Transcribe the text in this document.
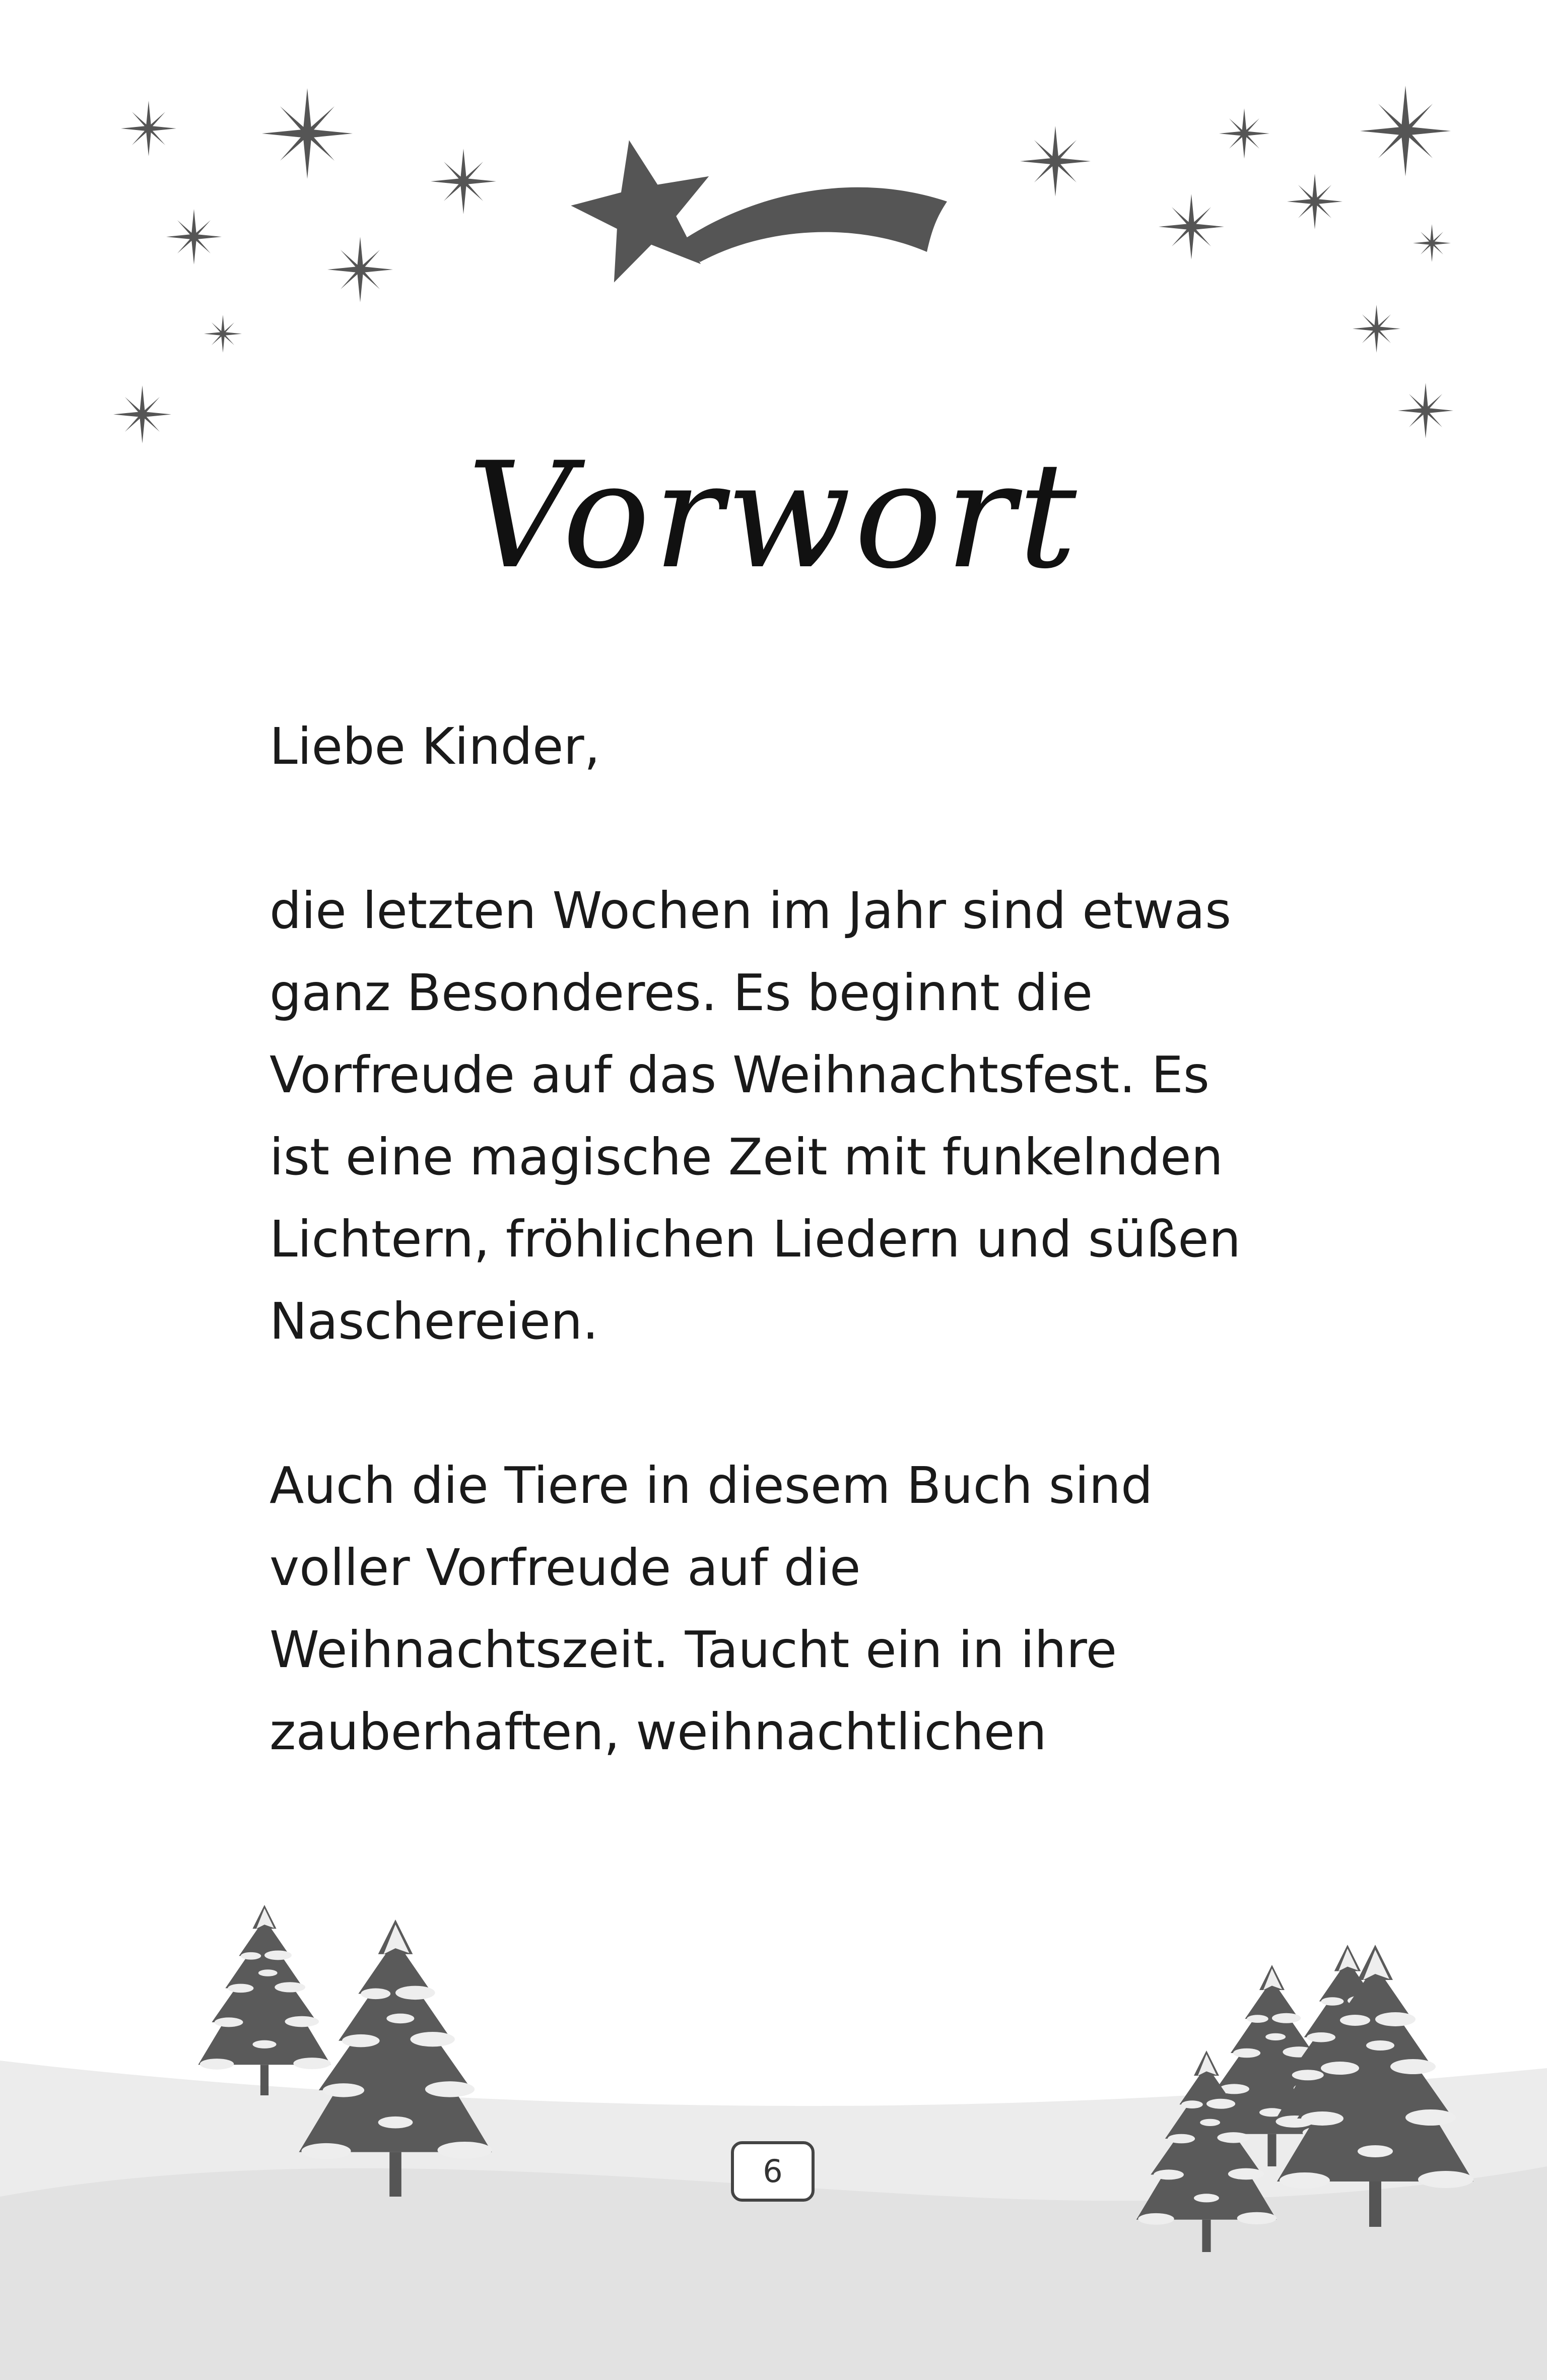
Vorwort
Liebe Kinder,
die letzten Wochen im Jahr sind etwas
ganz Besonderes. Es beginnt die
Vorfreude auf das Weihnachtsfest. Es
ist eine magische Zeit mit funkelnden
Lichtern, fröhlichen Liedern und süßen
Naschereien.
Auch die Tiere in diesem Buch sind
voller Vorfreude auf die
Weihnachtszeit. Taucht ein in ihre
zauberhaften, weihnachtlichen
6
